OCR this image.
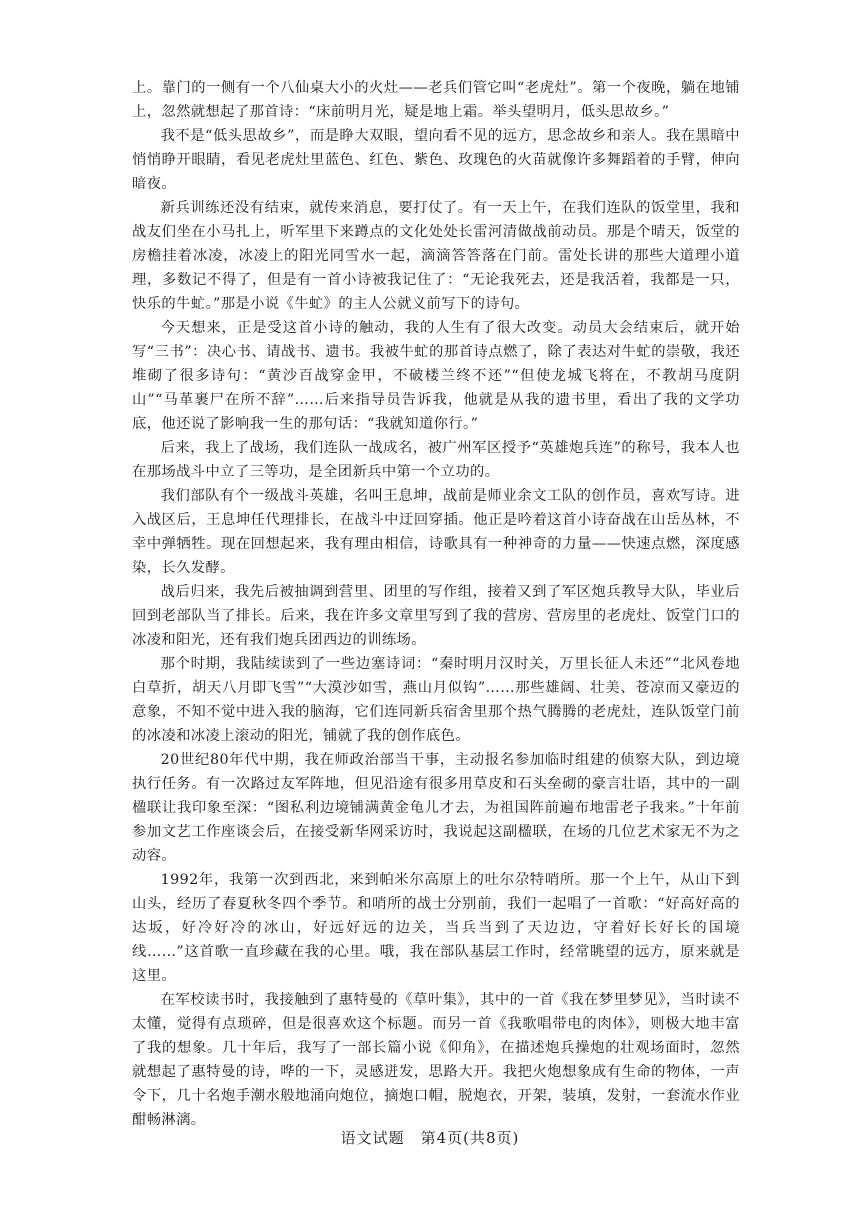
上。靠门的一侧有一个八仙桌大小的火灶——老兵们管它叫“老虎灶”。第一个夜晚，躺在地铺上，忽然就想起了那首诗：“床前明月光，疑是地上霜。举头望明月，低头思故乡。”

我不是“低头思故乡”，而是睁大双眼，望向看不见的远方，思念故乡和亲人。我在黑暗中悄悄睁开眼睛，看见老虎灶里蓝色、红色、紫色、玫瑰色的火苗就像许多舞蹈着的手臂，伸向暗夜。

新兵训练还没有结束，就传来消息，要打仗了。有一天上午，在我们连队的饭堂里，我和战友们坐在小马扎上，听军里下来蹲点的文化处处长雷河清做战前动员。那是个晴天，饭堂的房檐挂着冰凌，冰凌上的阳光同雪水一起，滴滴答答落在门前。雷处长讲的那些大道理小道理，多数记不得了，但是有一首小诗被我记住了：“无论我死去，还是我活着，我都是一只，快乐的牛虻。”那是小说《牛虻》的主人公就义前写下的诗句。

今天想来，正是受这首小诗的触动，我的人生有了很大改变。动员大会结束后，就开始写“三书”：决心书、请战书、遗书。我被牛虻的那首诗点燃了，除了表达对牛虻的崇敬，我还堆砌了很多诗句：“黄沙百战穿金甲，不破楼兰终不还”“但使龙城飞将在，不教胡马度阴山”“马革裹尸在所不辞”……后来指导员告诉我，他就是从我的遗书里，看出了我的文学功底，他还说了影响我一生的那句话：“我就知道你行。”

后来，我上了战场，我们连队一战成名，被广州军区授予“英雄炮兵连”的称号，我本人也在那场战斗中立了三等功，是全团新兵中第一个立功的。

我们部队有个一级战斗英雄，名叫王息坤，战前是师业余文工队的创作员，喜欢写诗。进入战区后，王息坤任代理排长，在战斗中迂回穿插。他正是吟着这首小诗奋战在山岳丛林，不幸中弹牺牲。现在回想起来，我有理由相信，诗歌具有一种神奇的力量——快速点燃，深度感染，长久发酵。

战后归来，我先后被抽调到营里、团里的写作组，接着又到了军区炮兵教导大队，毕业后回到老部队当了排长。后来，我在许多文章里写到了我的营房、营房里的老虎灶、饭堂门口的冰凌和阳光，还有我们炮兵团西边的训练场。

那个时期，我陆续读到了一些边塞诗词：“秦时明月汉时关，万里长征人未还”“北风卷地白草折，胡天八月即飞雪”“大漠沙如雪，燕山月似钩”……那些雄阔、壮美、苍凉而又豪迈的意象，不知不觉中进入我的脑海，它们连同新兵宿舍里那个热气腾腾的老虎灶，连队饭堂门前的冰凌和冰凌上滚动的阳光，铺就了我的创作底色。

20世纪80年代中期，我在师政治部当干事，主动报名参加临时组建的侦察大队，到边境执行任务。有一次路过友军阵地，但见沿途有很多用草皮和石头垒砌的豪言壮语，其中的一副楹联让我印象至深：“图私利边境铺满黄金龟儿才去，为祖国阵前遍布地雷老子我来。”十年前参加文艺工作座谈会后，在接受新华网采访时，我说起这副楹联，在场的几位艺术家无不为之动容。

1992年，我第一次到西北，来到帕米尔高原上的吐尔尕特哨所。那一个上午，从山下到山头，经历了春夏秋冬四个季节。和哨所的战士分别前，我们一起唱了一首歌：“好高好高的达坂，好冷好冷的冰山，好远好远的边关，当兵当到了天边边，守着好长好长的国境线……”这首歌一直珍藏在我的心里。哦，我在部队基层工作时，经常眺望的远方，原来就是这里。

在军校读书时，我接触到了惠特曼的《草叶集》，其中的一首《我在梦里梦见》，当时读不太懂，觉得有点琐碎，但是很喜欢这个标题。而另一首《我歌唱带电的肉体》，则极大地丰富了我的想象。几十年后，我写了一部长篇小说《仰角》，在描述炮兵操炮的壮观场面时，忽然就想起了惠特曼的诗，哗的一下，灵感迸发，思路大开。我把火炮想象成有生命的物体，一声令下，几十名炮手潮水般地涌向炮位，摘炮口帽，脱炮衣，开架，装填，发射，一套流水作业酣畅淋漓。

语文试题　第4页(共8页)
